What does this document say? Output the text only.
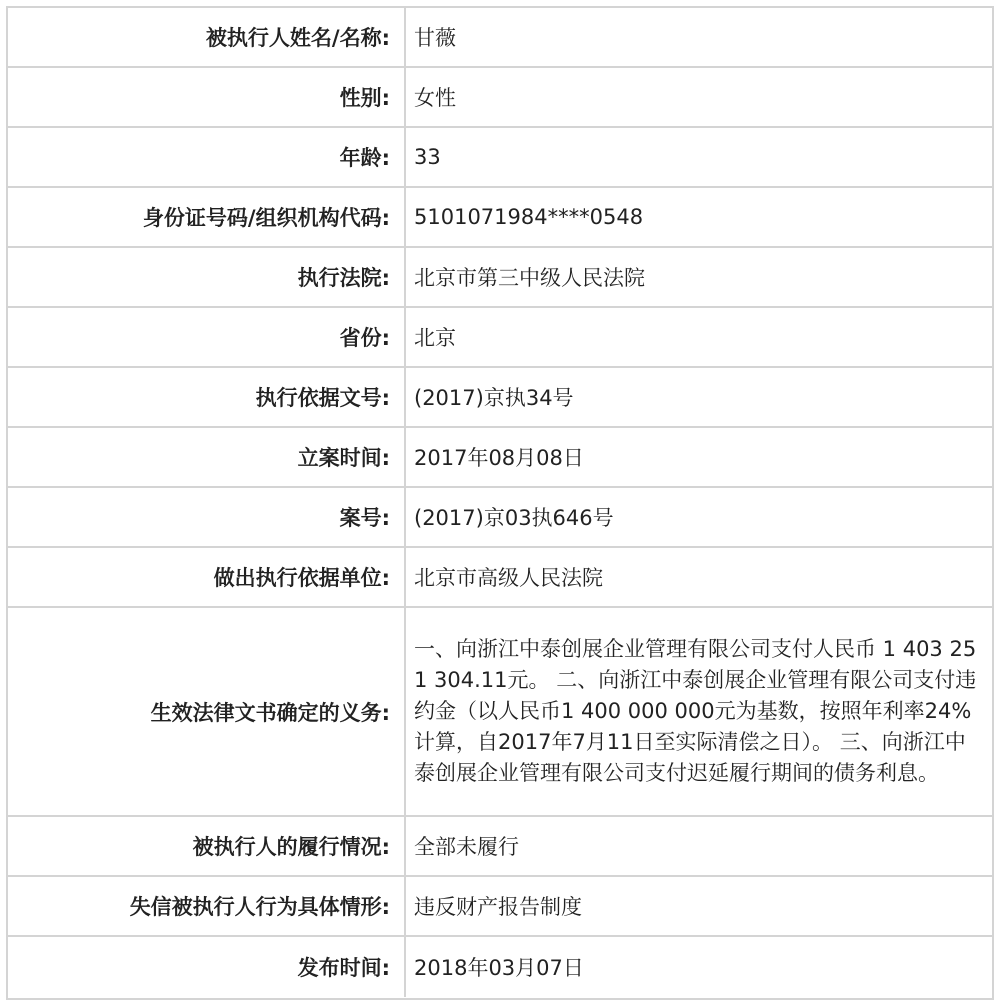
被执行人姓名/名称:	甘薇
性别:	女性
年龄:	33
身份证号码/组织机构代码:	5101071984****0548
执行法院:	北京市第三中级人民法院
省份:	北京
执行依据文号:	(2017)京执34号
立案时间:	2017年08月08日
案号:	(2017)京03执646号
做出执行依据单位:	北京市高级人民法院
生效法律文书确定的义务:
一、向浙江中泰创展企业管理有限公司支付人民币 1 403 251 304.11元。 二、向浙江中泰创展企业管理有限公司支付违约金（以人民币1 400 000 000元为基数，按照年利率24%计算，自2017年7月11日至实际清偿之日）。 三、向浙江中泰创展企业管理有限公司支付迟延履行期间的债务利息。
被执行人的履行情况:	全部未履行
失信被执行人行为具体情形:	违反财产报告制度
发布时间:	2018年03月07日
